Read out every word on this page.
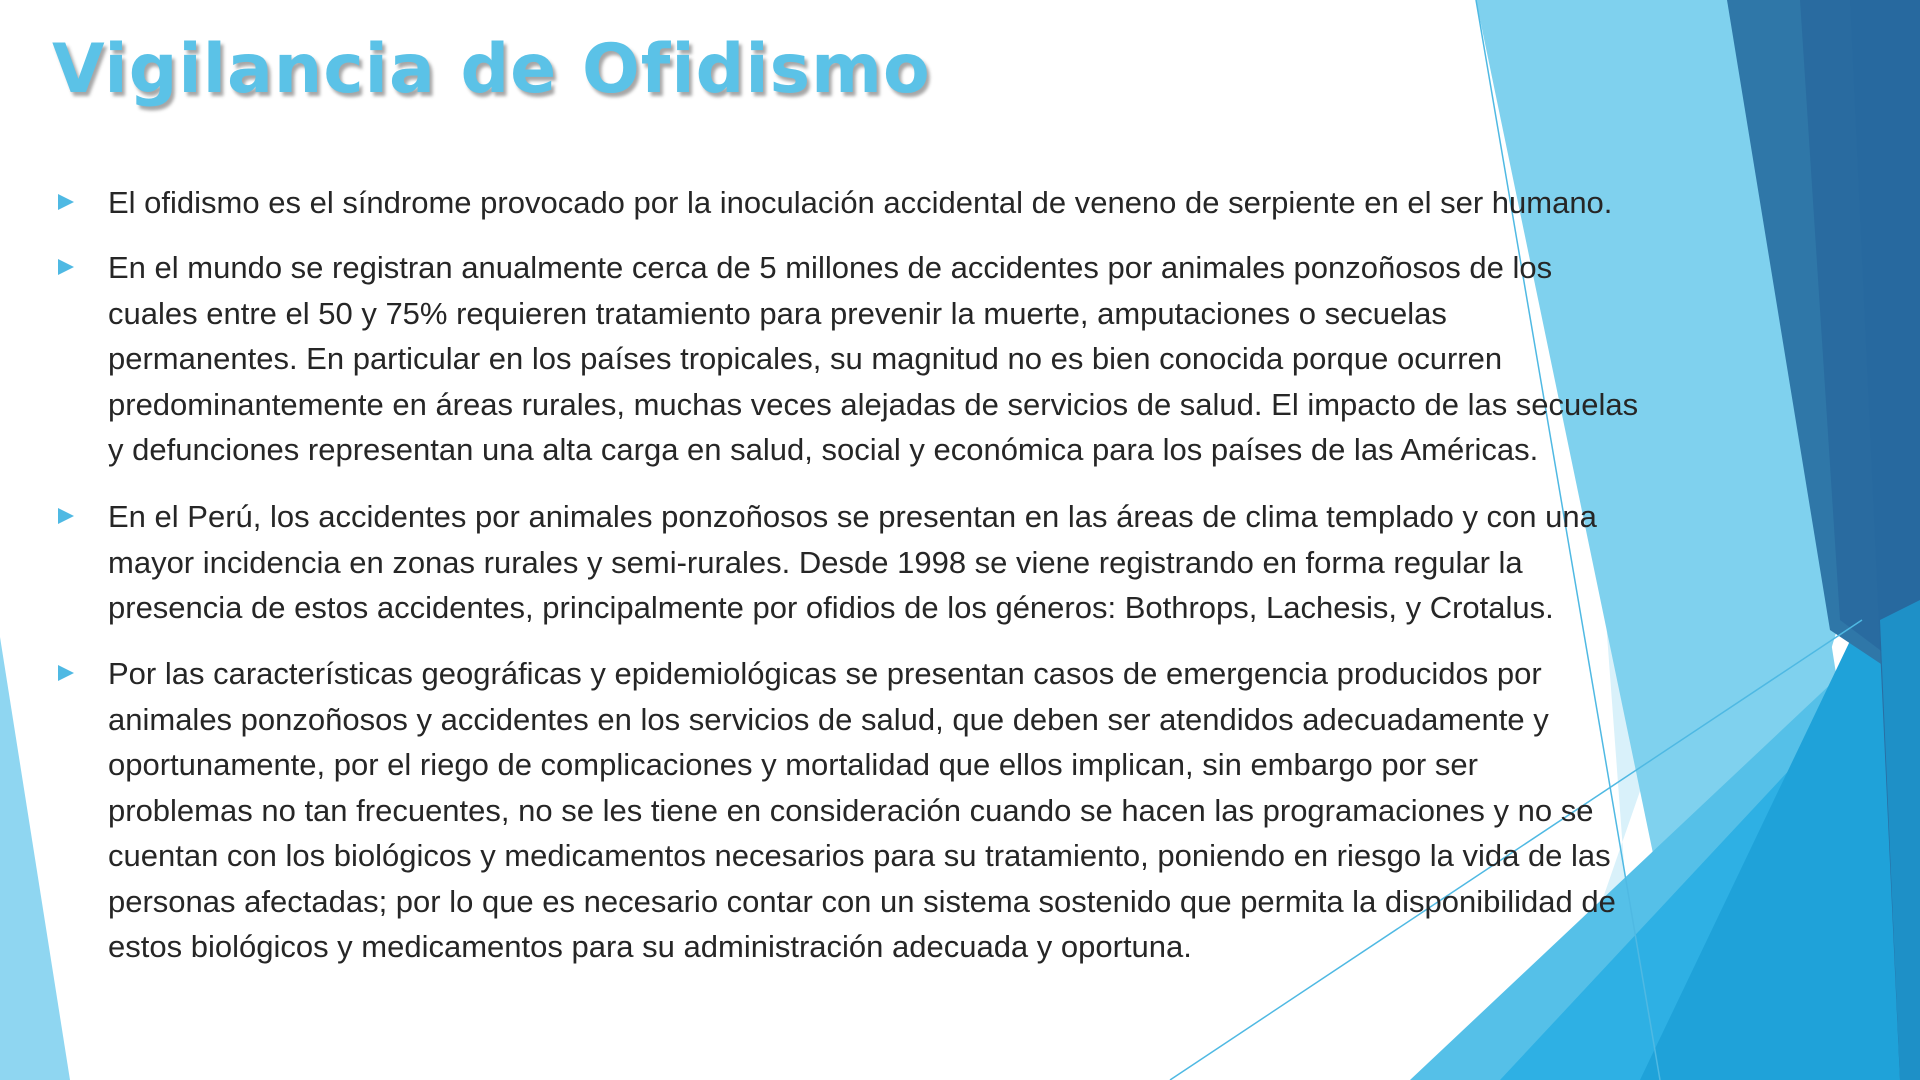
Vigilancia de Ofidismo
El ofidismo es el síndrome provocado por la inoculación accidental de veneno de serpiente en el ser humano.
En el mundo se registran anualmente cerca de 5 millones de accidentes por animales ponzoñosos de los
cuales entre el 50 y 75% requieren tratamiento para prevenir la muerte, amputaciones o secuelas
permanentes. En particular en los países tropicales, su magnitud no es bien conocida porque ocurren
predominantemente en áreas rurales, muchas veces alejadas de servicios de salud. El impacto de las secuelas
y defunciones representan una alta carga en salud, social y económica para los países de las Américas.
En el Perú, los accidentes por animales ponzoñosos se presentan en las áreas de clima templado y con una
mayor incidencia en zonas rurales y semi-rurales. Desde 1998 se viene registrando en forma regular la
presencia de estos accidentes, principalmente por ofidios de los géneros: Bothrops, Lachesis, y Crotalus.
Por las características geográficas y epidemiológicas se presentan casos de emergencia producidos por
animales ponzoñosos y accidentes en los servicios de salud, que deben ser atendidos adecuadamente y
oportunamente, por el riego de complicaciones y mortalidad que ellos implican, sin embargo por ser
problemas no tan frecuentes, no se les tiene en consideración cuando se hacen las programaciones y no se
cuentan con los biológicos y medicamentos necesarios para su tratamiento, poniendo en riesgo la vida de las
personas afectadas; por lo que es necesario contar con un sistema sostenido que permita la disponibilidad de
estos biológicos y medicamentos para su administración adecuada y oportuna.
